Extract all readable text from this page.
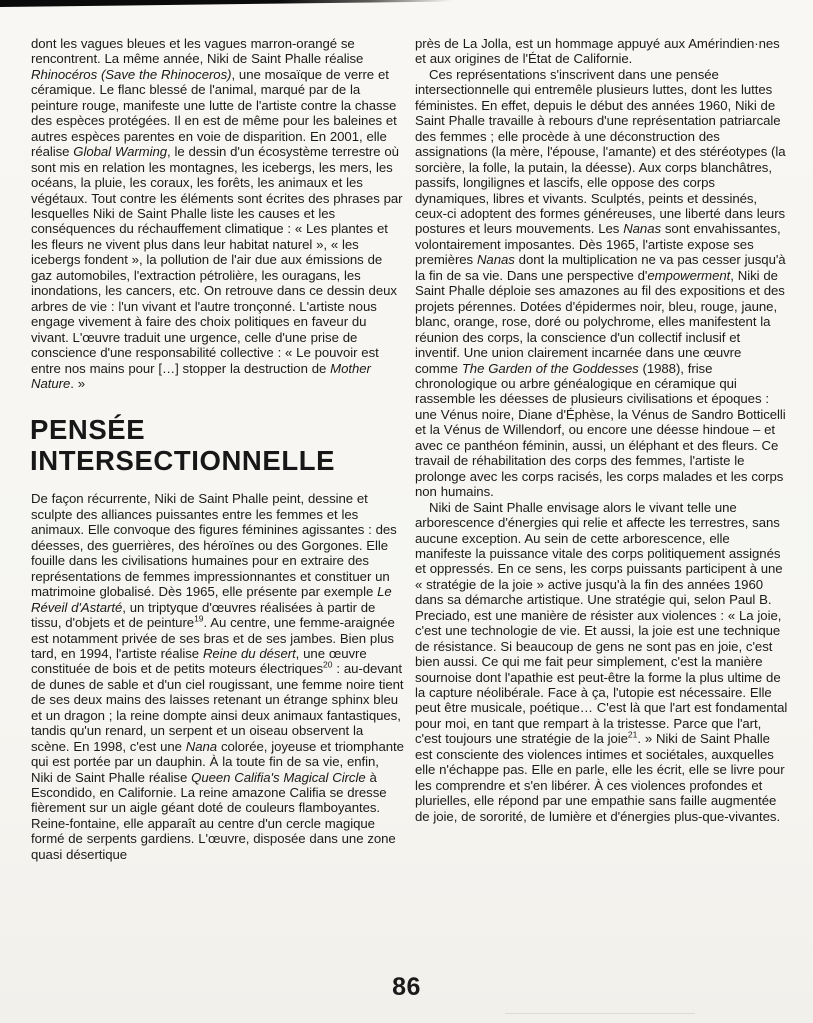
dont les vagues bleues et les vagues marron-orangé se rencontrent. La même année, Niki de Saint Phalle réalise Rhinocéros (Save the Rhinoceros), une mosaïque de verre et céramique. Le flanc blessé de l'animal, marqué par de la peinture rouge, manifeste une lutte de l'artiste contre la chasse des espèces protégées. Il en est de même pour les baleines et autres espèces parentes en voie de disparition. En 2001, elle réalise Global Warming, le dessin d'un écosystème terrestre où sont mis en relation les montagnes, les icebergs, les mers, les océans, la pluie, les coraux, les forêts, les animaux et les végétaux. Tout contre les éléments sont écrites des phrases par lesquelles Niki de Saint Phalle liste les causes et les conséquences du réchauffement climatique : « Les plantes et les fleurs ne vivent plus dans leur habitat naturel », « les icebergs fondent », la pollution de l'air due aux émissions de gaz automobiles, l'extraction pétrolière, les ouragans, les inondations, les cancers, etc. On retrouve dans ce dessin deux arbres de vie : l'un vivant et l'autre tronçonné. L'artiste nous engage vivement à faire des choix politiques en faveur du vivant. L'œuvre traduit une urgence, celle d'une prise de conscience d'une responsabilité collective : « Le pouvoir est entre nos mains pour […] stopper la destruction de Mother Nature. »

PENSÉE
INTERSECTIONNELLE

De façon récurrente, Niki de Saint Phalle peint, dessine et sculpte des alliances puissantes entre les femmes et les animaux. Elle convoque des figures féminines agissantes : des déesses, des guerrières, des héroïnes ou des Gorgones. Elle fouille dans les civilisations humaines pour en extraire des représentations de femmes impressionnantes et constituer un matrimoine globalisé. Dès 1965, elle présente par exemple Le Réveil d'Astarté, un triptyque d'œuvres réalisées à partir de tissu, d'objets et de peinture$^{19}$. Au centre, une femme-araignée est notamment privée de ses bras et de ses jambes. Bien plus tard, en 1994, l'artiste réalise Reine du désert, une œuvre constituée de bois et de petits moteurs électriques$^{20}$ : au-devant de dunes de sable et d'un ciel rougissant, une femme noire tient de ses deux mains des laisses retenant un étrange sphinx bleu et un dragon ; la reine dompte ainsi deux animaux fantastiques, tandis qu'un renard, un serpent et un oiseau observent la scène. En 1998, c'est une Nana colorée, joyeuse et triomphante qui est portée par un dauphin. À la toute fin de sa vie, enfin, Niki de Saint Phalle réalise Queen Califia's Magical Circle à Escondido, en Californie. La reine amazone Califia se dresse fièrement sur un aigle géant doté de couleurs flamboyantes. Reine-fontaine, elle apparaît au centre d'un cercle magique formé de serpents gardiens. L'œuvre, disposée dans une zone quasi désertique

près de La Jolla, est un hommage appuyé aux Amérindien·nes et aux origines de l'État de Californie.

Ces représentations s'inscrivent dans une pensée intersectionnelle qui entremêle plusieurs luttes, dont les luttes féministes. En effet, depuis le début des années 1960, Niki de Saint Phalle travaille à rebours d'une représentation patriarcale des femmes ; elle procède à une déconstruction des assignations (la mère, l'épouse, l'amante) et des stéréotypes (la sorcière, la folle, la putain, la déesse). Aux corps blanchâtres, passifs, longilignes et lascifs, elle oppose des corps dynamiques, libres et vivants. Sculptés, peints et dessinés, ceux-ci adoptent des formes généreuses, une liberté dans leurs postures et leurs mouvements. Les Nanas sont envahissantes, volontairement imposantes. Dès 1965, l'artiste expose ses premières Nanas dont la multiplication ne va pas cesser jusqu'à la fin de sa vie. Dans une perspective d'empowerment, Niki de Saint Phalle déploie ses amazones au fil des expositions et des projets pérennes. Dotées d'épidermes noir, bleu, rouge, jaune, blanc, orange, rose, doré ou polychrome, elles manifestent la réunion des corps, la conscience d'un collectif inclusif et inventif. Une union clairement incarnée dans une œuvre comme The Garden of the Goddesses (1988), frise chronologique ou arbre généalogique en céramique qui rassemble les déesses de plusieurs civilisations et époques : une Vénus noire, Diane d'Éphèse, la Vénus de Sandro Botticelli et la Vénus de Willendorf, ou encore une déesse hindoue – et avec ce panthéon féminin, aussi, un éléphant et des fleurs. Ce travail de réhabilitation des corps des femmes, l'artiste le prolonge avec les corps racisés, les corps malades et les corps non humains.

Niki de Saint Phalle envisage alors le vivant telle une arborescence d'énergies qui relie et affecte les terrestres, sans aucune exception. Au sein de cette arborescence, elle manifeste la puissance vitale des corps politiquement assignés et oppressés. En ce sens, les corps puissants participent à une « stratégie de la joie » active jusqu'à la fin des années 1960 dans sa démarche artistique. Une stratégie qui, selon Paul B. Preciado, est une manière de résister aux violences : « La joie, c'est une technologie de vie. Et aussi, la joie est une technique de résistance. Si beaucoup de gens ne sont pas en joie, c'est bien aussi. Ce qui me fait peur simplement, c'est la manière sournoise dont l'apathie est peut-être la forme la plus ultime de la capture néolibérale. Face à ça, l'utopie est nécessaire. Elle peut être musicale, poétique… C'est là que l'art est fondamental pour moi, en tant que rempart à la tristesse. Parce que l'art, c'est toujours une stratégie de la joie$^{21}$. » Niki de Saint Phalle est consciente des violences intimes et sociétales, auxquelles elle n'échappe pas. Elle en parle, elle les écrit, elle se livre pour les comprendre et s'en libérer. À ces violences profondes et plurielles, elle répond par une empathie sans faille augmentée de joie, de sororité, de lumière et d'énergies plus-que-vivantes.

86
